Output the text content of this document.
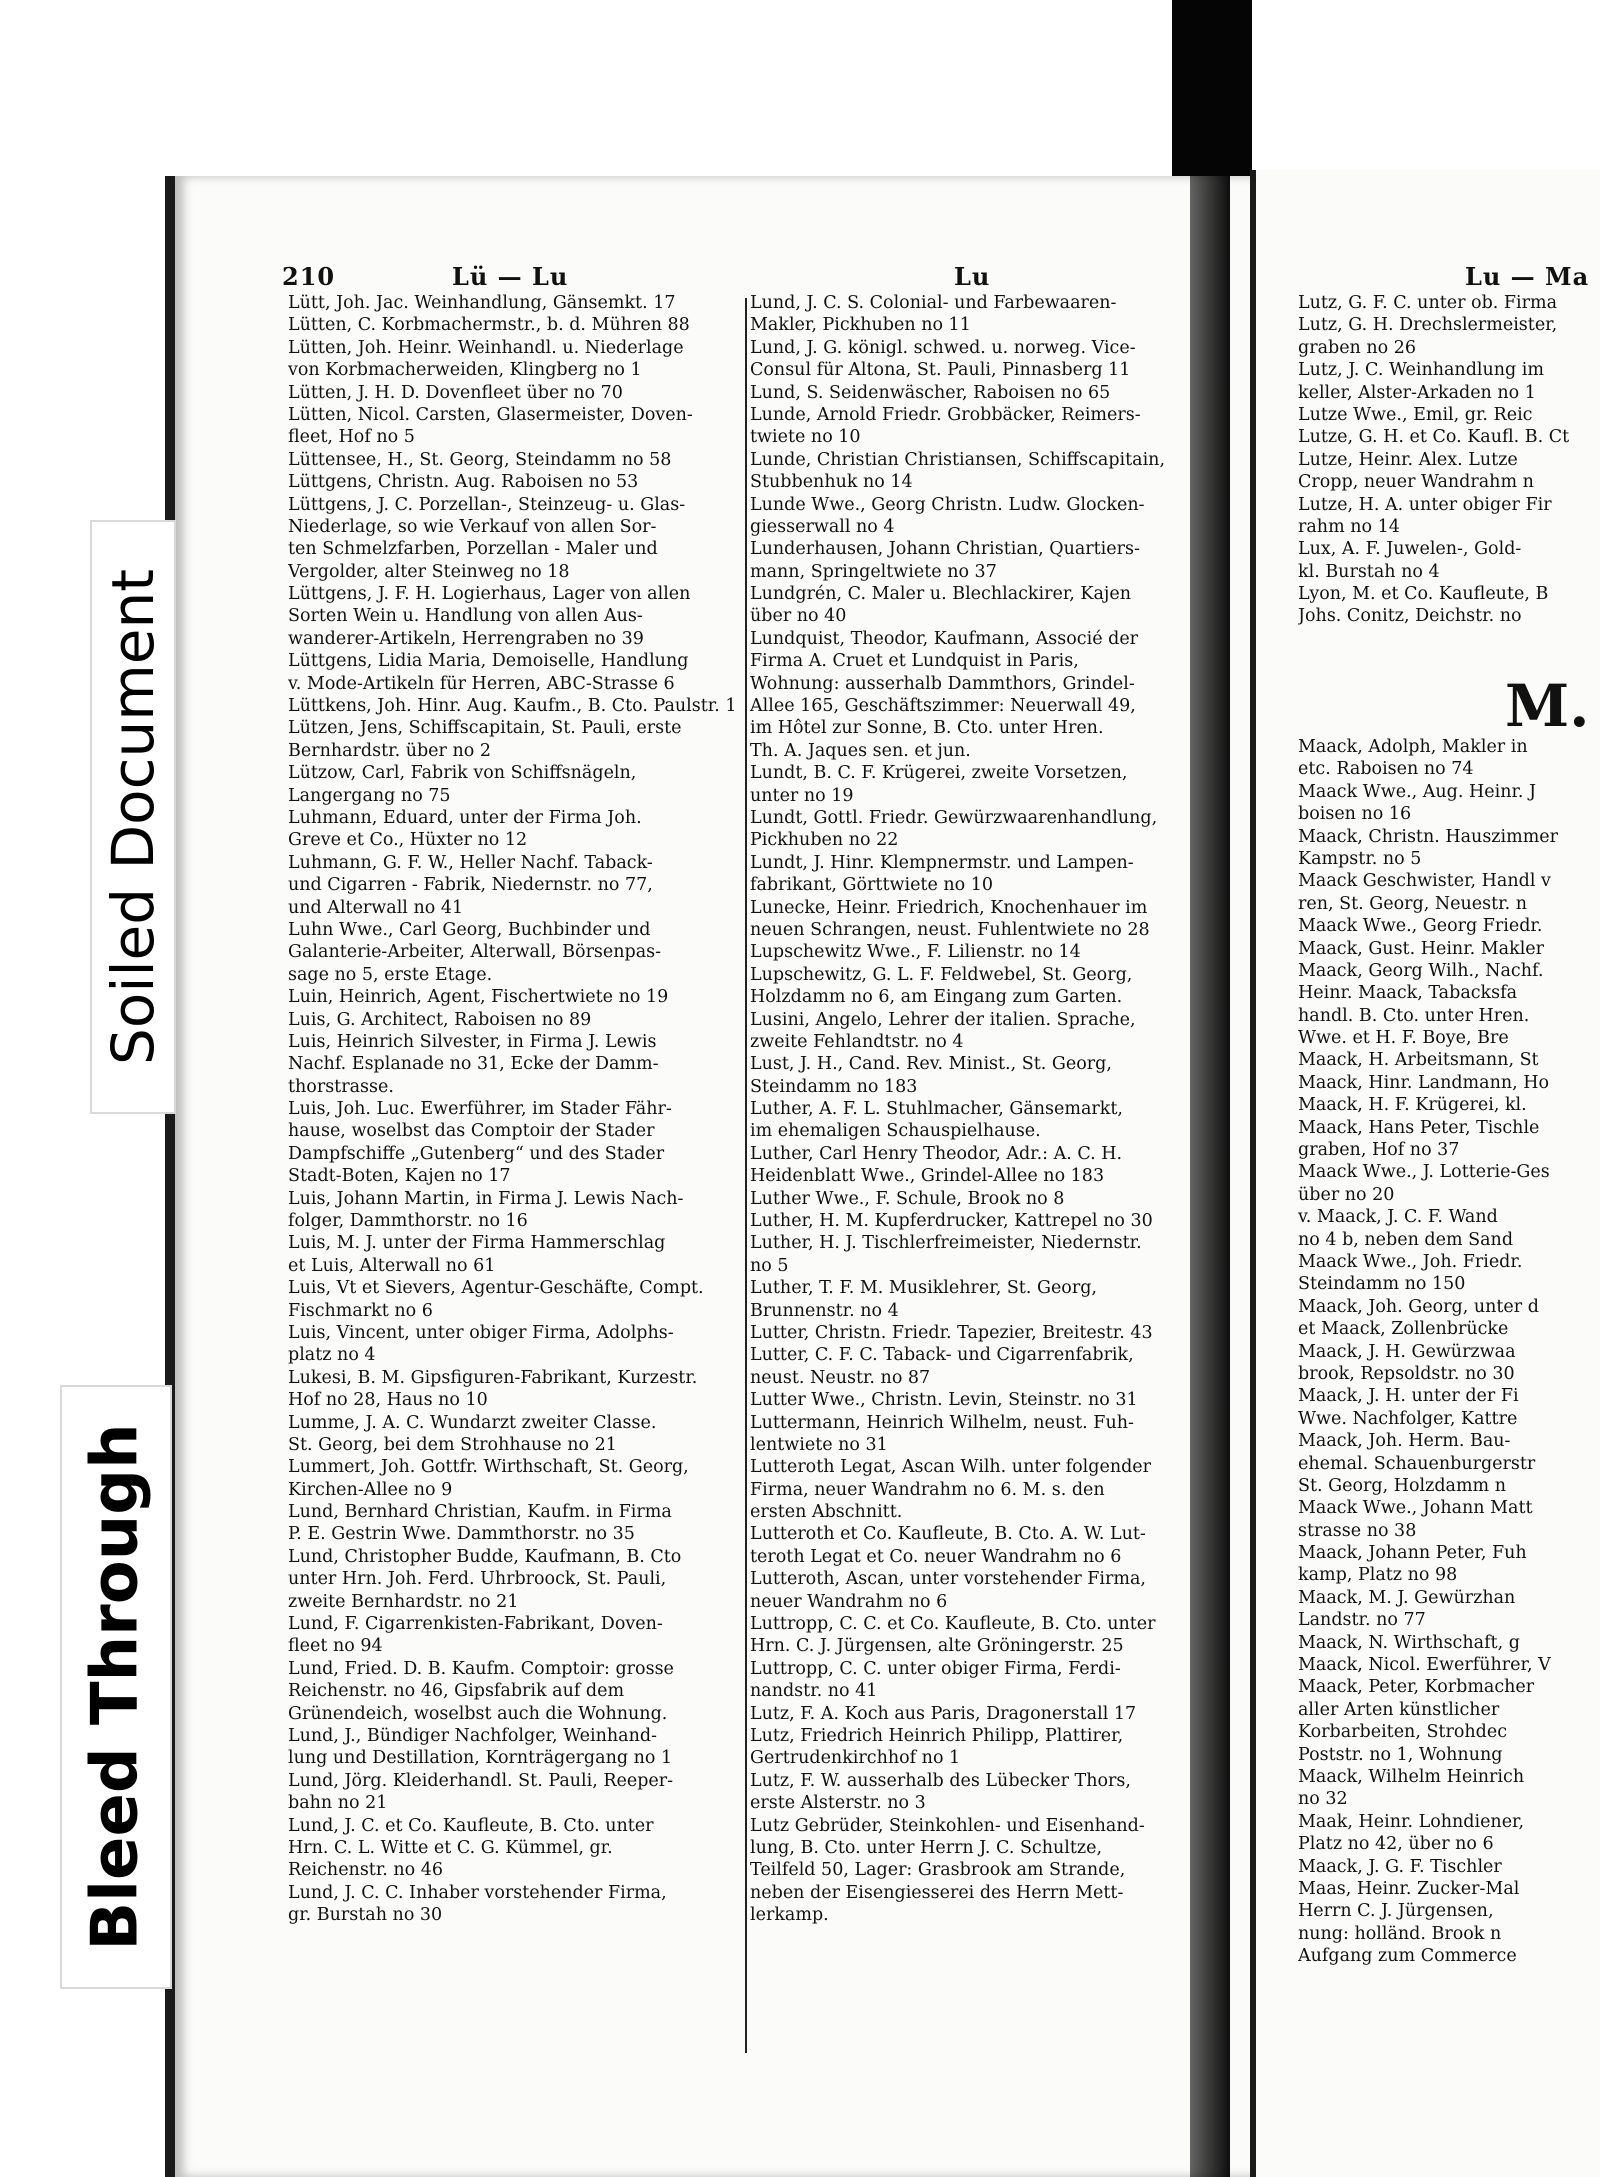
210	Lü — Lu	Lu	Lu — Ma
Lütt, Joh. Jac. Weinhandlung, Gänsemkt. 17
Lütten, C. Korbmachermstr., b. d. Mühren 88
Lütten, Joh. Heinr. Weinhandl. u. Niederlage
von Korbmacherweiden, Klingberg no 1
Lütten, J. H. D. Dovenfleet über no 70
Lütten, Nicol. Carsten, Glasermeister, Doven-
fleet, Hof no 5
Lüttensee, H., St. Georg, Steindamm no 58
Lüttgens, Christn. Aug. Raboisen no 53
Lüttgens, J. C. Porzellan-, Steinzeug- u. Glas-
Niederlage, so wie Verkauf von allen Sor-
ten Schmelzfarben, Porzellan - Maler und
Vergolder, alter Steinweg no 18
Lüttgens, J. F. H. Logierhaus, Lager von allen
Sorten Wein u. Handlung von allen Aus-
wanderer-Artikeln, Herrengraben no 39
Lüttgens, Lidia Maria, Demoiselle, Handlung
v. Mode-Artikeln für Herren, ABC-Strasse 6
Lüttkens, Joh. Hinr. Aug. Kaufm., B. Cto. Paulstr. 1
Lützen, Jens, Schiffscapitain, St. Pauli, erste
Bernhardstr. über no 2
Lützow, Carl, Fabrik von Schiffsnägeln,
Langergang no 75
Luhmann, Eduard, unter der Firma Joh.
Greve et Co., Hüxter no 12
Luhmann, G. F. W., Heller Nachf. Taback-
und Cigarren - Fabrik, Niedernstr. no 77,
und Alterwall no 41
Luhn Wwe., Carl Georg, Buchbinder und
Galanterie-Arbeiter, Alterwall, Börsenpas-
sage no 5, erste Etage.
Luin, Heinrich, Agent, Fischertwiete no 19
Luis, G. Architect, Raboisen no 89
Luis, Heinrich Silvester, in Firma J. Lewis
Nachf. Esplanade no 31, Ecke der Damm-
thorstrasse.
Luis, Joh. Luc. Ewerführer, im Stader Fähr-
hause, woselbst das Comptoir der Stader
Dampfschiffe „Gutenberg“ und des Stader
Stadt-Boten, Kajen no 17
Luis, Johann Martin, in Firma J. Lewis Nach-
folger, Dammthorstr. no 16
Luis, M. J. unter der Firma Hammerschlag
et Luis, Alterwall no 61
Luis, Vt et Sievers, Agentur-Geschäfte, Compt.
Fischmarkt no 6
Luis, Vincent, unter obiger Firma, Adolphs-
platz no 4
Lukesi, B. M. Gipsfiguren-Fabrikant, Kurzestr.
Hof no 28, Haus no 10
Lumme, J. A. C. Wundarzt zweiter Classe.
St. Georg, bei dem Strohhause no 21
Lummert, Joh. Gottfr. Wirthschaft, St. Georg,
Kirchen-Allee no 9
Lund, Bernhard Christian, Kaufm. in Firma
P. E. Gestrin Wwe. Dammthorstr. no 35
Lund, Christopher Budde, Kaufmann, B. Cto
unter Hrn. Joh. Ferd. Uhrbroock, St. Pauli,
zweite Bernhardstr. no 21
Lund, F. Cigarrenkisten-Fabrikant, Doven-
fleet no 94
Lund, Fried. D. B. Kaufm. Comptoir: grosse
Reichenstr. no 46, Gipsfabrik auf dem
Grünendeich, woselbst auch die Wohnung.
Lund, J., Bündiger Nachfolger, Weinhand-
lung und Destillation, Kornträgergang no 1
Lund, Jörg. Kleiderhandl. St. Pauli, Reeper-
bahn no 21
Lund, J. C. et Co. Kaufleute, B. Cto. unter
Hrn. C. L. Witte et C. G. Kümmel, gr.
Reichenstr. no 46
Lund, J. C. C. Inhaber vorstehender Firma,
gr. Burstah no 30
Lund, J. C. S. Colonial- und Farbewaaren-
Makler, Pickhuben no 11
Lund, J. G. königl. schwed. u. norweg. Vice-
Consul für Altona, St. Pauli, Pinnasberg 11
Lund, S. Seidenwäscher, Raboisen no 65
Lunde, Arnold Friedr. Grobbäcker, Reimers-
twiete no 10
Lunde, Christian Christiansen, Schiffscapitain,
Stubbenhuk no 14
Lunde Wwe., Georg Christn. Ludw. Glocken-
giesserwall no 4
Lunderhausen, Johann Christian, Quartiers-
mann, Springeltwiete no 37
Lundgrén, C. Maler u. Blechlackirer, Kajen
über no 40
Lundquist, Theodor, Kaufmann, Associé der
Firma A. Cruet et Lundquist in Paris,
Wohnung: ausserhalb Dammthors, Grindel-
Allee 165, Geschäftszimmer: Neuerwall 49,
im Hôtel zur Sonne, B. Cto. unter Hren.
Th. A. Jaques sen. et jun.
Lundt, B. C. F. Krügerei, zweite Vorsetzen,
unter no 19
Lundt, Gottl. Friedr. Gewürzwaarenhandlung,
Pickhuben no 22
Lundt, J. Hinr. Klempnermstr. und Lampen-
fabrikant, Görttwiete no 10
Lunecke, Heinr. Friedrich, Knochenhauer im
neuen Schrangen, neust. Fuhlentwiete no 28
Lupschewitz Wwe., F. Lilienstr. no 14
Lupschewitz, G. L. F. Feldwebel, St. Georg,
Holzdamm no 6, am Eingang zum Garten.
Lusini, Angelo, Lehrer der italien. Sprache,
zweite Fehlandtstr. no 4
Lust, J. H., Cand. Rev. Minist., St. Georg,
Steindamm no 183
Luther, A. F. L. Stuhlmacher, Gänsemarkt,
im ehemaligen Schauspielhause.
Luther, Carl Henry Theodor, Adr.: A. C. H.
Heidenblatt Wwe., Grindel-Allee no 183
Luther Wwe., F. Schule, Brook no 8
Luther, H. M. Kupferdrucker, Kattrepel no 30
Luther, H. J. Tischlerfreimeister, Niedernstr.
no 5
Luther, T. F. M. Musiklehrer, St. Georg,
Brunnenstr. no 4
Lutter, Christn. Friedr. Tapezier, Breitestr. 43
Lutter, C. F. C. Taback- und Cigarrenfabrik,
neust. Neustr. no 87
Lutter Wwe., Christn. Levin, Steinstr. no 31
Luttermann, Heinrich Wilhelm, neust. Fuh-
lentwiete no 31
Lutteroth Legat, Ascan Wilh. unter folgender
Firma, neuer Wandrahm no 6. M. s. den
ersten Abschnitt.
Lutteroth et Co. Kaufleute, B. Cto. A. W. Lut-
teroth Legat et Co. neuer Wandrahm no 6
Lutteroth, Ascan, unter vorstehender Firma,
neuer Wandrahm no 6
Luttropp, C. C. et Co. Kaufleute, B. Cto. unter
Hrn. C. J. Jürgensen, alte Gröningerstr. 25
Luttropp, C. C. unter obiger Firma, Ferdi-
nandstr. no 41
Lutz, F. A. Koch aus Paris, Dragonerstall 17
Lutz, Friedrich Heinrich Philipp, Plattirer,
Gertrudenkirchhof no 1
Lutz, F. W. ausserhalb des Lübecker Thors,
erste Alsterstr. no 3
Lutz Gebrüder, Steinkohlen- und Eisenhand-
lung, B. Cto. unter Herrn J. C. Schultze,
Teilfeld 50, Lager: Grasbrook am Strande,
neben der Eisengiesserei des Herrn Mett-
lerkamp.
Lutz, G. F. C. unter ob. Firma
Lutz, G. H. Drechslermeister,
graben no 26
Lutz, J. C. Weinhandlung im
keller, Alster-Arkaden no 1
Lutze Wwe., Emil, gr. Reic
Lutze, G. H. et Co. Kaufl. B. Ct
Lutze, Heinr. Alex. Lutze
Cropp, neuer Wandrahm n
Lutze, H. A. unter obiger Fir
rahm no 14
Lux, A. F. Juwelen-, Gold-
kl. Burstah no 4
Lyon, M. et Co. Kaufleute, B
Johs. Conitz, Deichstr. no
M.
Maack, Adolph, Makler in
etc. Raboisen no 74
Maack Wwe., Aug. Heinr. J
boisen no 16
Maack, Christn. Hauszimmer
Kampstr. no 5
Maack Geschwister, Handl v
ren, St. Georg, Neuestr. n
Maack Wwe., Georg Friedr.
Maack, Gust. Heinr. Makler
Maack, Georg Wilh., Nachf.
Heinr. Maack, Tabacksfa
handl. B. Cto. unter Hren.
Wwe. et H. F. Boye, Bre
Maack, H. Arbeitsmann, St
Maack, Hinr. Landmann, Ho
Maack, H. F. Krügerei, kl.
Maack, Hans Peter, Tischle
graben, Hof no 37
Maack Wwe., J. Lotterie-Ges
über no 20
v. Maack, J. C. F. Wand
no 4 b, neben dem Sand
Maack Wwe., Joh. Friedr.
Steindamm no 150
Maack, Joh. Georg, unter d
et Maack, Zollenbrücke
Maack, J. H. Gewürzwaa
brook, Repsoldstr. no 30
Maack, J. H. unter der Fi
Wwe. Nachfolger, Kattre
Maack, Joh. Herm. Bau-
ehemal. Schauenburgerstr
St. Georg, Holzdamm n
Maack Wwe., Johann Matt
strasse no 38
Maack, Johann Peter, Fuh
kamp, Platz no 98
Maack, M. J. Gewürzhan
Landstr. no 77
Maack, N. Wirthschaft, g
Maack, Nicol. Ewerführer, V
Maack, Peter, Korbmacher
aller Arten künstlicher
Korbarbeiten, Strohdec
Poststr. no 1, Wohnung
Maack, Wilhelm Heinrich
no 32
Maak, Heinr. Lohndiener,
Platz no 42, über no 6
Maack, J. G. F. Tischler
Maas, Heinr. Zucker-Mal
Herrn C. J. Jürgensen,
nung: holländ. Brook n
Aufgang zum Commerce
Soiled Document
Bleed Through
